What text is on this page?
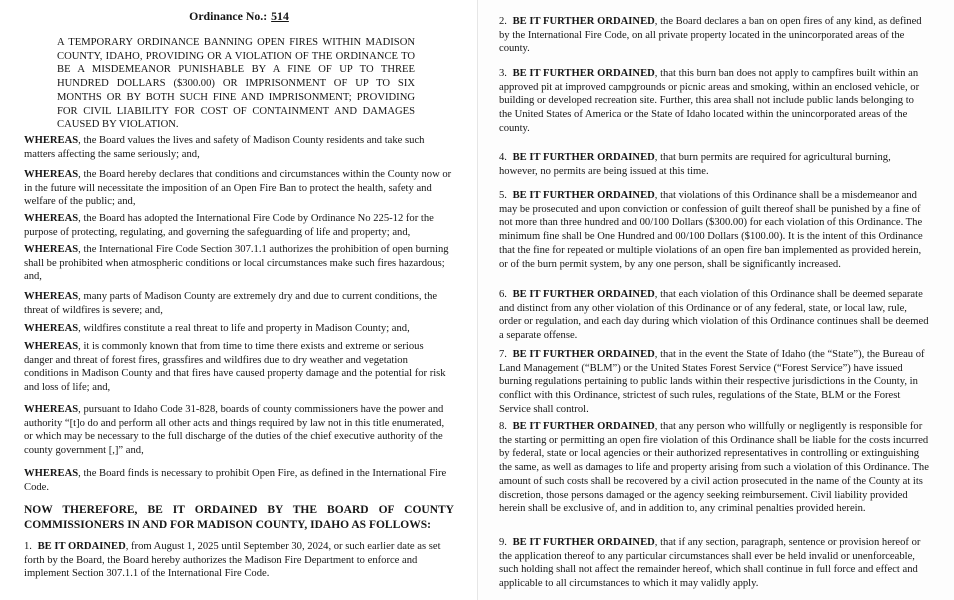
Ordinance No.: 514

A TEMPORARY ORDINANCE BANNING OPEN FIRES WITHIN MADISON COUNTY, IDAHO, PROVIDING OR A VIOLATION OF THE ORDINANCE TO BE A MISDEMEANOR PUNISHABLE BY A FINE OF UP TO THREE HUNDRED DOLLARS ($300.00) OR IMPRISONMENT OF UP TO SIX MONTHS OR BY BOTH SUCH FINE AND IMPRISONMENT; PROVIDING FOR CIVIL LIABILITY FOR COST OF CONTAINMENT AND DAMAGES CAUSED BY VIOLATION.

WHEREAS, the Board values the lives and safety of Madison County residents and take such matters affecting the same seriously; and,

WHEREAS, the Board hereby declares that conditions and circumstances within the County now or in the future will necessitate the imposition of an Open Fire Ban to protect the health, safety and welfare of the public; and,

WHEREAS, the Board has adopted the International Fire Code by Ordinance No 225-12 for the purpose of protecting, regulating, and governing the safeguarding of life and property; and,

WHEREAS, the International Fire Code Section 307.1.1 authorizes the prohibition of open burning shall be prohibited when atmospheric conditions or local circumstances make such fires hazardous; and,

WHEREAS, many parts of Madison County are extremely dry and due to current conditions, the threat of wildfires is severe; and,

WHEREAS, wildfires constitute a real threat to life and property in Madison County; and,

WHEREAS, it is commonly known that from time to time there exists and extreme or serious danger and threat of forest fires, grassfires and wildfires due to dry weather and vegetation conditions in Madison County and that fires have caused property damage and the potential for risk and loss of life; and,

WHEREAS, pursuant to Idaho Code 31-828, boards of county commissioners have the power and authority “[t]o do and perform all other acts and things required by law not in this title enumerated, or which may be necessary to the full discharge of the duties of the chief executive authority of the county government [,]” and,

WHEREAS, the Board finds is necessary to prohibit Open Fire, as defined in the International Fire Code.

NOW THEREFORE, BE IT ORDAINED BY THE BOARD OF COUNTY COMMISSIONERS IN AND FOR MADISON COUNTY, IDAHO AS FOLLOWS:

1. BE IT ORDAINED, from August 1, 2025 until September 30, 2024, or such earlier date as set forth by the Board, the Board hereby authorizes the Madison Fire Department to enforce and implement Section 307.1.1 of the International Fire Code.

2. BE IT FURTHER ORDAINED, the Board declares a ban on open fires of any kind, as defined by the International Fire Code, on all private property located in the unincorporated areas of the county.

3. BE IT FURTHER ORDAINED, that this burn ban does not apply to campfires built within an approved pit at improved campgrounds or picnic areas and smoking, within an enclosed vehicle, or building or developed recreation site. Further, this area shall not include public lands belonging to the United States of America or the State of Idaho located within the unincorporated areas of the county.

4. BE IT FURTHER ORDAINED, that burn permits are required for agricultural burning, however, no permits are being issued at this time.

5. BE IT FURTHER ORDAINED, that violations of this Ordinance shall be a misdemeanor and may be prosecuted and upon conviction or confession of guilt thereof shall be punished by a fine of not more than three hundred and 00/100 Dollars ($300.00) for each violation of this Ordinance. The minimum fine shall be One Hundred and 00/100 Dollars ($100.00). It is the intent of this Ordinance that the fine for repeated or multiple violations of an open fire ban implemented as provided herein, or of the burn permit system, by any one person, shall be significantly increased.

6. BE IT FURTHER ORDAINED, that each violation of this Ordinance shall be deemed separate and distinct from any other violation of this Ordinance or of any federal, state, or local law, rule, order or regulation, and each day during which violation of this Ordinance continues shall be deemed a separate offense.

7. BE IT FURTHER ORDAINED, that in the event the State of Idaho (the “State”), the Bureau of Land Management (“BLM”) or the United States Forest Service (“Forest Service”) have issued burning regulations pertaining to public lands within their respective jurisdictions in the County, in conflict with this Ordinance, strictest of such rules, regulations of the State, BLM or the Forest Service shall control.

8. BE IT FURTHER ORDAINED, that any person who willfully or negligently is responsible for the starting or permitting an open fire violation of this Ordinance shall be liable for the costs incurred by federal, state or local agencies or their authorized representatives in controlling or extinguishing the same, as well as damages to life and property arising from such a violation of this Ordinance. The amount of such costs shall be recovered by a civil action prosecuted in the name of the County at its discretion, those persons damaged or the agency seeking reimbursement. Civil liability provided herein shall be exclusive of, and in addition to, any criminal penalties provided herein.

9. BE IT FURTHER ORDAINED, that if any section, paragraph, sentence or provision hereof or the application thereof to any particular circumstances shall ever be held invalid or unenforceable, such holding shall not affect the remainder hereof, which shall continue in full force and effect and applicable to all circumstances to which it may validly apply.
